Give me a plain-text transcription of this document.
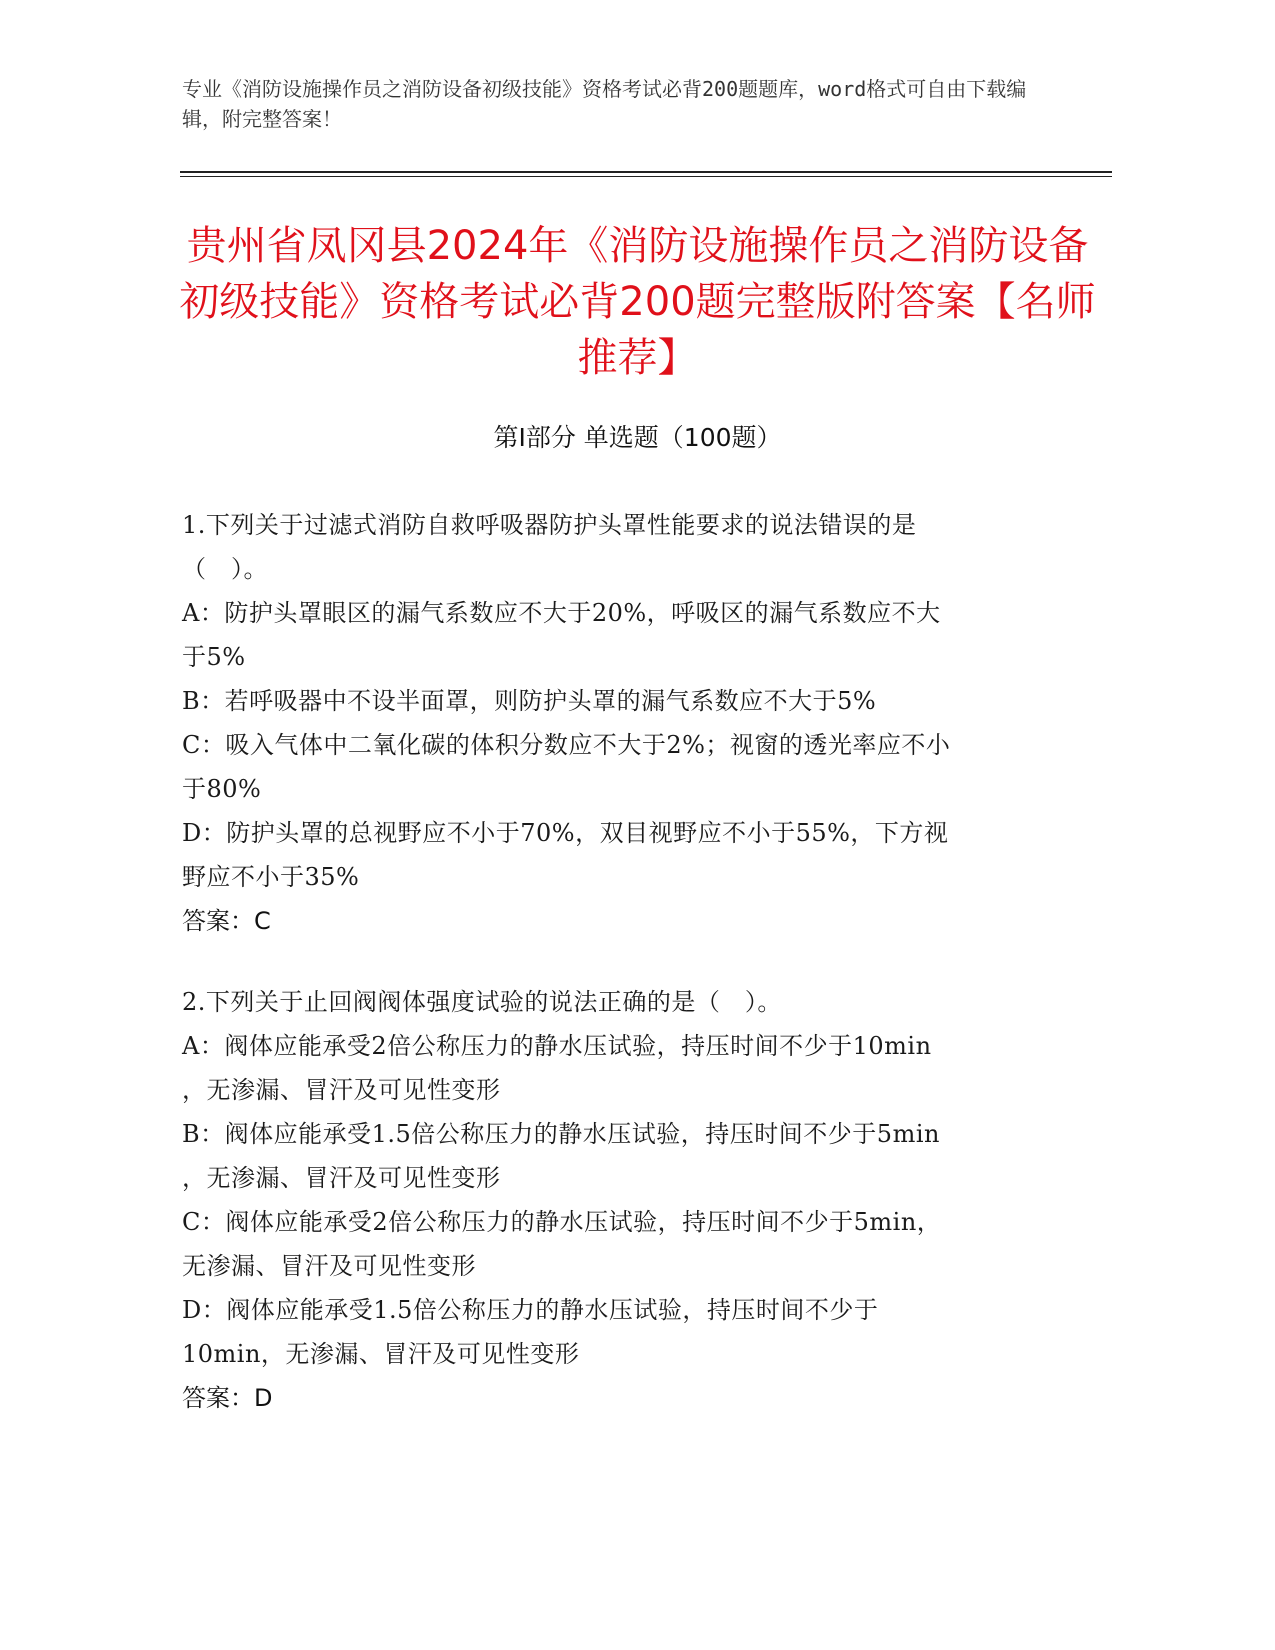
专业《消防设施操作员之消防设备初级技能》资格考试必背200题题库，word格式可自由下载编辑，附完整答案！
贵州省凤冈县2024年《消防设施操作员之消防设备初级技能》资格考试必背200题完整版附答案【名师推荐】
第Ⅰ部分 单选题（100题）
1.下列关于过滤式消防自救呼吸器防护头罩性能要求的说法错误的是
（　）。
A：防护头罩眼区的漏气系数应不大于20%，呼吸区的漏气系数应不大
于5%
B：若呼吸器中不设半面罩，则防护头罩的漏气系数应不大于5%
C：吸入气体中二氧化碳的体积分数应不大于2%；视窗的透光率应不小
于80%
D：防护头罩的总视野应不小于70%，双目视野应不小于55%，下方视
野应不小于35%
答案：C
2.下列关于止回阀阀体强度试验的说法正确的是（　）。
A：阀体应能承受2倍公称压力的静水压试验，持压时间不少于10min
，无渗漏、冒汗及可见性变形
B：阀体应能承受1.5倍公称压力的静水压试验，持压时间不少于5min
，无渗漏、冒汗及可见性变形
C：阀体应能承受2倍公称压力的静水压试验，持压时间不少于5min，
无渗漏、冒汗及可见性变形
D：阀体应能承受1.5倍公称压力的静水压试验，持压时间不少于
10min，无渗漏、冒汗及可见性变形
答案：D
